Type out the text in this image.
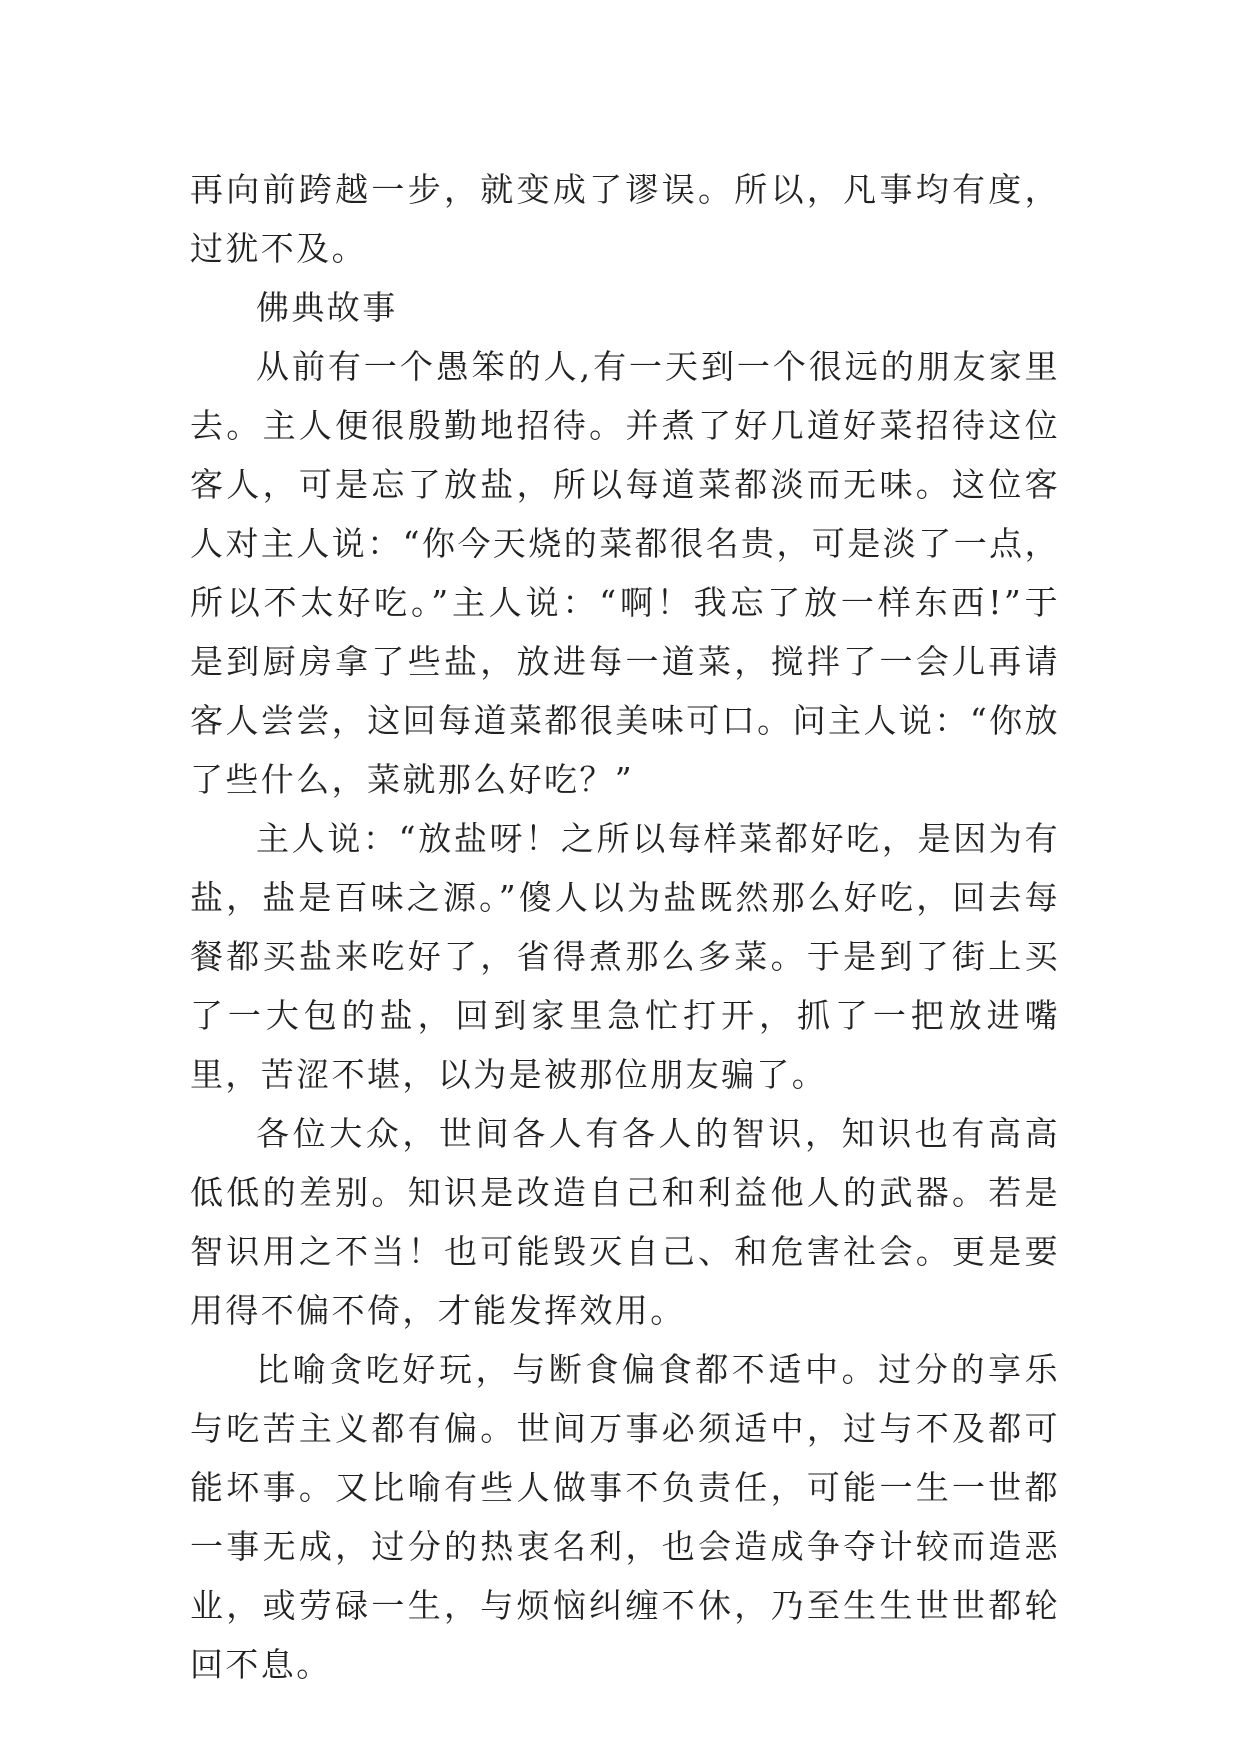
再向前跨越一步，就变成了谬误。所以，凡事均有度，过犹不及。

佛典故事

从前有一个愚笨的人,有一天到一个很远的朋友家里去。主人便很殷勤地招待。并煮了好几道好菜招待这位客人，可是忘了放盐，所以每道菜都淡而无味。这位客人对主人说：“你今天烧的菜都很名贵，可是淡了一点，所以不太好吃。”主人说：“啊！我忘了放一样东西!”于是到厨房拿了些盐，放进每一道菜，搅拌了一会儿再请客人尝尝，这回每道菜都很美味可口。问主人说：“你放了些什么，菜就那么好吃？”

主人说：“放盐呀！之所以每样菜都好吃，是因为有盐，盐是百味之源。”傻人以为盐既然那么好吃，回去每餐都买盐来吃好了，省得煮那么多菜。于是到了街上买了一大包的盐，回到家里急忙打开，抓了一把放进嘴里，苦涩不堪，以为是被那位朋友骗了。

各位大众，世间各人有各人的智识，知识也有高高低低的差别。知识是改造自己和利益他人的武器。若是智识用之不当！也可能毁灭自己、和危害社会。更是要用得不偏不倚，才能发挥效用。

比喻贪吃好玩，与断食偏食都不适中。过分的享乐与吃苦主义都有偏。世间万事必须适中，过与不及都可能坏事。又比喻有些人做事不负责任，可能一生一世都一事无成，过分的热衷名利，也会造成争夺计较而造恶业，或劳碌一生，与烦恼纠缠不休，乃至生生世世都轮回不息。
